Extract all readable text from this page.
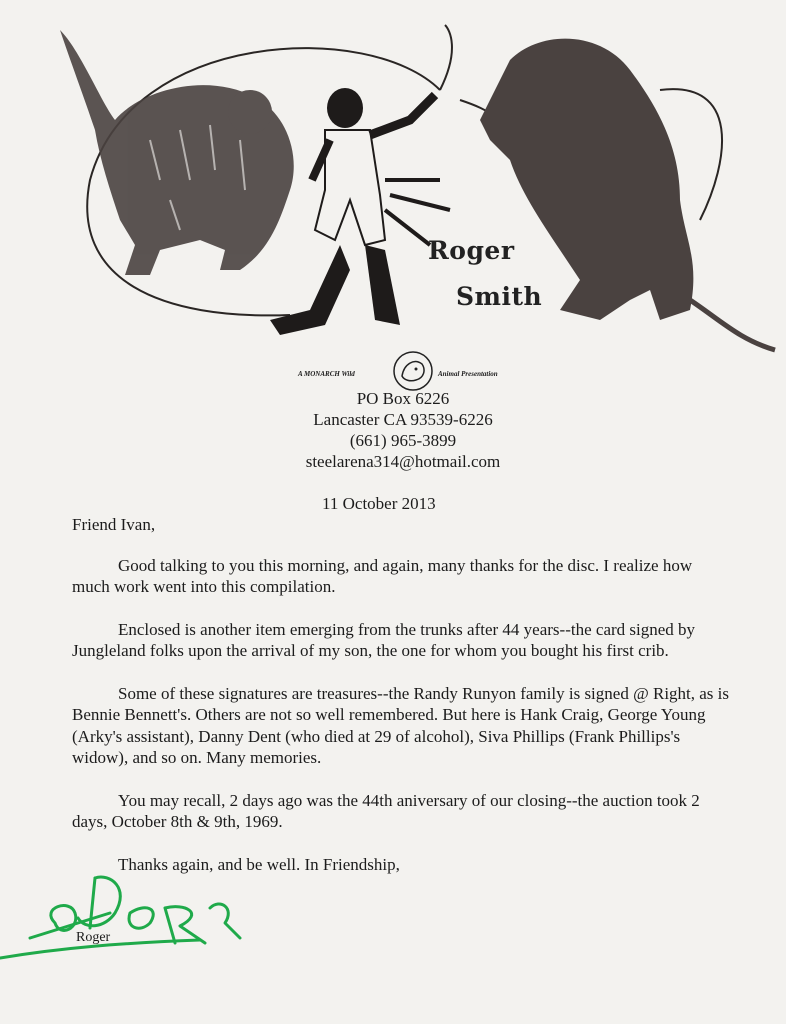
Roger
Smith
A MONARCH Wild	Animal Presentation
PO Box 6226
Lancaster CA 93539-6226
(661) 965-3899
steelarena314@hotmail.com
11 October 2013

Friend Ivan,

Good talking to you this morning, and again, many thanks for the disc. I realize how much work went into this compilation.

Enclosed is another item emerging from the trunks after 44 years--the card signed by Jungleland folks upon the arrival of my son, the one for whom you bought his first crib.

Some of these signatures are treasures--the Randy Runyon family is signed @ Right, as is Bennie Bennett's. Others are not so well remembered. But here is Hank Craig, George Young (Arky's assistant), Danny Dent (who died at 29 of alcohol), Siva Phillips (Frank Phillips's widow), and so on. Many memories.

You may recall, 2 days ago was the 44th aniversary of our closing--the auction took 2 days, October 8th & 9th, 1969.

Thanks again, and be well. In Friendship,

Roger
